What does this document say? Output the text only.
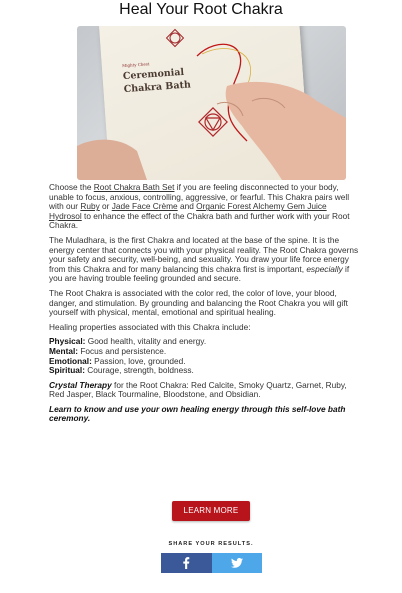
Heal Your Root Chakra
Mighty Chest
Ceremonial
Chakra Bath

Choose the Root Chakra Bath Set if you are feeling disconnected to your body, unable to focus, anxious, controlling, aggressive, or fearful. This Chakra pairs well with our Ruby or Jade Face Crème and Organic Forest Alchemy Gem Juice Hydrosol to enhance the effect of the Chakra bath and further work with your Root Chakra.

The Muladhara, is the first Chakra and located at the base of the spine. It is the energy center that connects you with your physical reality. The Root Chakra governs your safety and security, well-being, and sexuality. You draw your life force energy from this Chakra and for many balancing this chakra first is important, especially if you are having trouble feeling grounded and secure.

The Root Chakra is associated with the color red, the color of love, your blood, danger, and stimulation. By grounding and balancing the Root Chakra you will gift yourself with physical, mental, emotional and spiritual healing.

Healing properties associated with this Chakra include:

Physical: Good health, vitality and energy.
Mental: Focus and persistence.
Emotional: Passion, love, grounded.
Spiritual: Courage, strength, boldness.

Crystal Therapy for the Root Chakra: Red Calcite, Smoky Quartz, Garnet, Ruby, Red Jasper, Black Tourmaline, Bloodstone, and Obsidian.

Learn to know and use your own healing energy through this self-love bath ceremony.

LEARN MORE
SHARE YOUR RESULTS.
